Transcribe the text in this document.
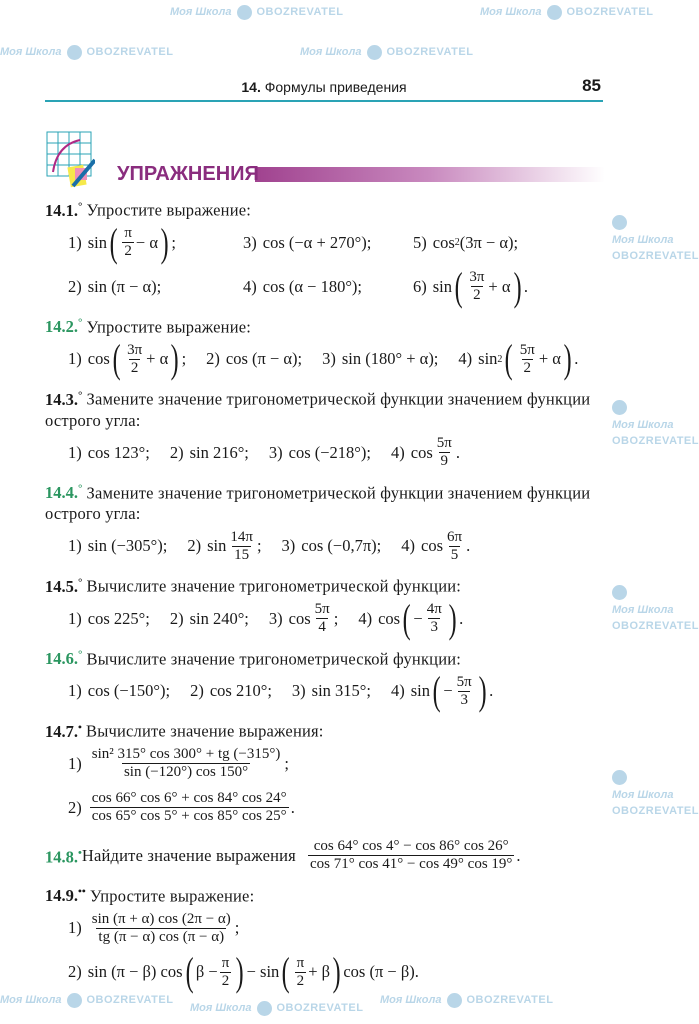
Моя Школа OBOZREVATEL	Моя Школа OBOZREVATEL
Моя Школа OBOZREVATEL	Моя Школа OBOZREVATEL
Моя Школа OBOZREVATEL
Моя Школа OBOZREVATEL
Моя Школа OBOZREVATEL
Моя Школа
OBOZREVATEL
Моя Школа
OBOZREVATEL
Моя Школа
OBOZREVATEL
Моя Школа
OBOZREVATEL
14. Формулы приведения	85
УПРАЖНЕНИЯ
14.1.° Упростите выражение:
1) sin ( $\frac{\pi}{2} - \alpha$ ) ;	3) cos (−α + 270°);	5) cos 2 (3π − α);
2) sin (π − α);	4) cos (α − 180°);	6) sin ( $\frac{3\pi}{2} + \alpha$ ) .
14.2.° Упростите выражение:
1) cos ( $\frac{3\pi}{2} + \alpha$ ) ; 2) cos (π − α); 3) sin (180° + α); 4) sin 2 ( $\frac{5\pi}{2} + \alpha$ ) .
14.3.° Замените значение тригонометрической функции значением функции острого угла:
1) cos 123°; 2) sin 216°; 3) cos (−218°); 4) $\cos \frac{5\pi}{9}$ .
14.4.° Замените значение тригонометрической функции значением функции острого угла:
1) sin (−305°); 2) $\sin \frac{14\pi}{15}$ ; 3) cos (−0,7π); 4) $\cos \frac{6\pi}{5}$ .
14.5.° Вычислите значение тригонометрической функции:
1) cos 225°; 2) sin 240°; 3) $\cos \frac{5\pi}{4}$ ; 4) cos ( − $\frac{4\pi}{3}$ ) .
14.6.° Вычислите значение тригонометрической функции:
1) cos (−150°); 2) cos 210°; 3) sin 315°; 4) sin ( − $\frac{5\pi}{3}$ ) .
14.7.• Вычислите значение выражения:
$1) \frac{\text{sin² 315° cos 300° + tg (−315°)}}{\sin (-120^\circ) \cos 150^\circ}$ ;
$2) \frac{\cos 66^\circ \cos 6^\circ + \cos 84^\circ \cos 24^\circ}{\cos 65^\circ \cos 5^\circ + \cos 85^\circ \cos 25^\circ}$ .
14.8.• Найдите значение выражения $\frac{\cos 64^\circ \cos 4^\circ - \cos 86^\circ \cos 26^\circ}{\cos 71^\circ \cos 41^\circ - \cos 49^\circ \cos 19^\circ}$ .
14.9.•• Упростите выражение:
$1) \frac{\sin (\pi + \alpha) \cos (2\pi - \alpha)}{tg (\pi - \alpha) \cos (\pi - \alpha)}$ ;
2) sin (π − β) cos ( $\beta - \frac{\pi}{2}$ ) − sin ( $\frac{\pi}{2} + \beta$ ) cos (π − β).
